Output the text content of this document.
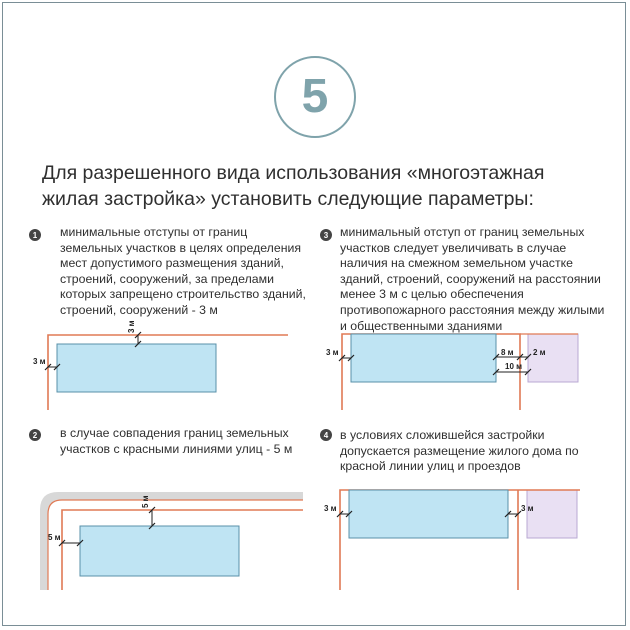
5
Для разрешенного вида использования «многоэтажная жилая застройка» установить следующие параметры:
1 минимальные отступы от границ земельных участков в целях определения мест допустимого размещения зданий, строений, сооружений, за пределами которых запрещено строительство зданий, строений, сооружений - 3 м
3 минимальный отступ от границ земельных участков следует увеличивать в случае наличия на смежном земельном участке зданий, строений, сооружений на расстоянии менее 3 м с целью обеспечения противопожарного расстояния между жилыми и общественными зданиями
2 в случае совпадения границ земельных участков с красными линиями улиц - 5 м
4 в условиях сложившейся застройки допускается размещение жилого дома по красной линии улиц и проездов
3 м
3 м
5 м
5 м
3 м	8 м 2 м
10 м
3 м	3 м
